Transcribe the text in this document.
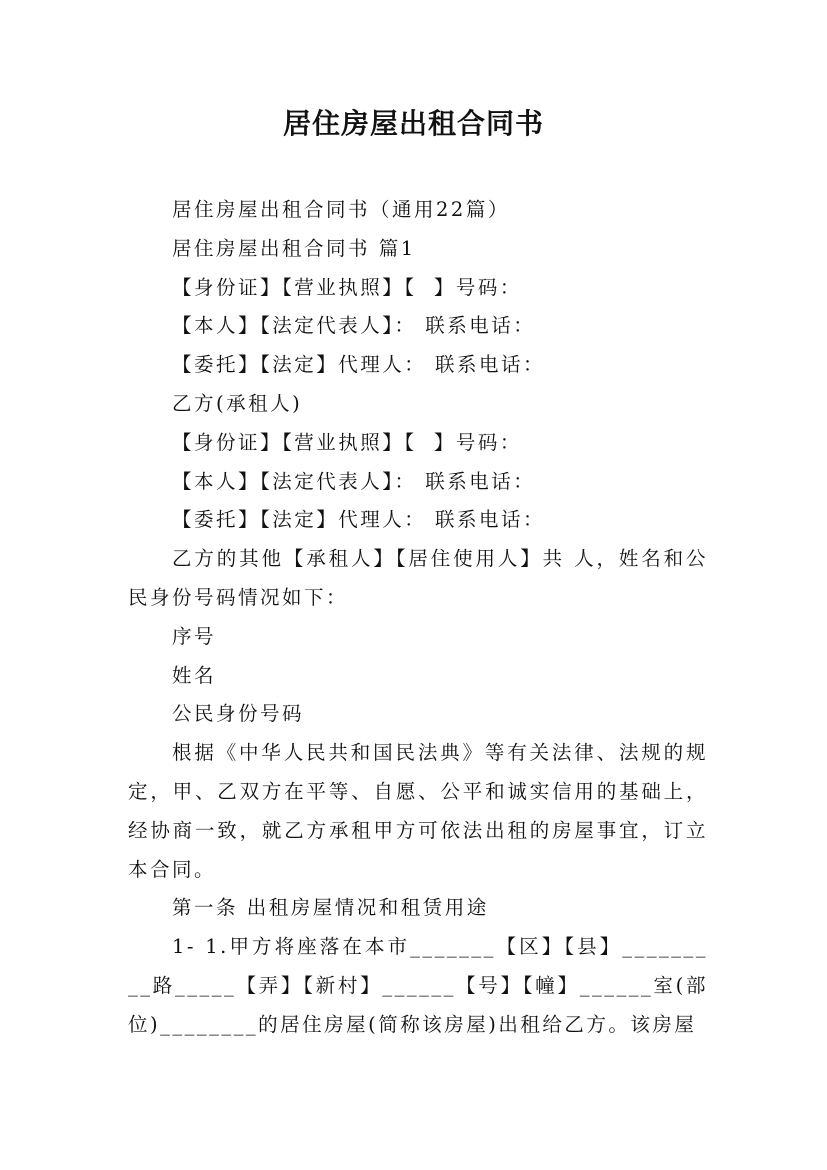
居住房屋出租合同书

居住房屋出租合同书（通用22篇）

居住房屋出租合同书 篇1

【身份证】【营业执照】【  】号码：

【本人】【法定代表人】： 联系电话：

【委托】【法定】代理人： 联系电话：

乙方(承租人)

【身份证】【营业执照】【  】号码：

【本人】【法定代表人】： 联系电话：

【委托】【法定】代理人： 联系电话：

乙方的其他【承租人】【居住使用人】共 人，姓名和公民身份号码情况如下：

序号

姓名

公民身份号码

根据《中华人民共和国民法典》等有关法律、法规的规定，甲、乙双方在平等、自愿、公平和诚实信用的基础上，经协商一致，就乙方承租甲方可依法出租的房屋事宜，订立本合同。

第一条 出租房屋情况和租赁用途

1- 1.甲方将座落在本市_______【区】【县】_________路_____【弄】【新村】______【号】【幢】______室(部位)________的居住房屋(简称该房屋)出租给乙方。该房屋
